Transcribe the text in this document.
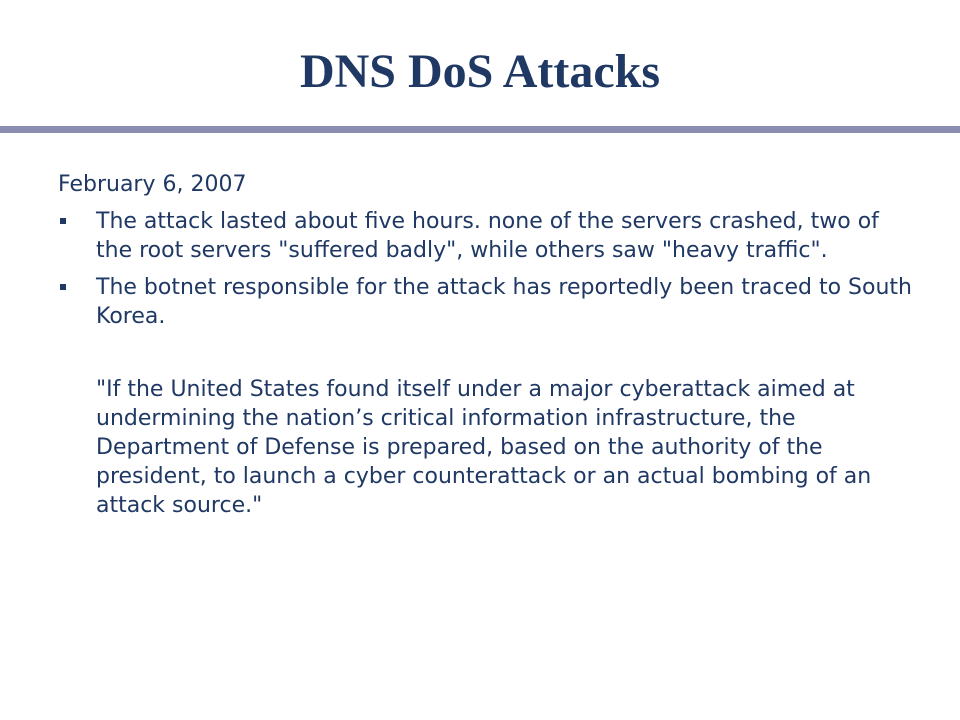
DNS DoS Attacks
February 6, 2007
The attack lasted about five hours. none of the servers crashed, two of the root servers "suffered badly", while others saw "heavy traffic".
The botnet responsible for the attack has reportedly been traced to South Korea.
"If the United States found itself under a major cyberattack aimed at undermining the nation’s critical information infrastructure, the Department of Defense is prepared, based on the authority of the president, to launch a cyber counterattack or an actual bombing of an attack source."
